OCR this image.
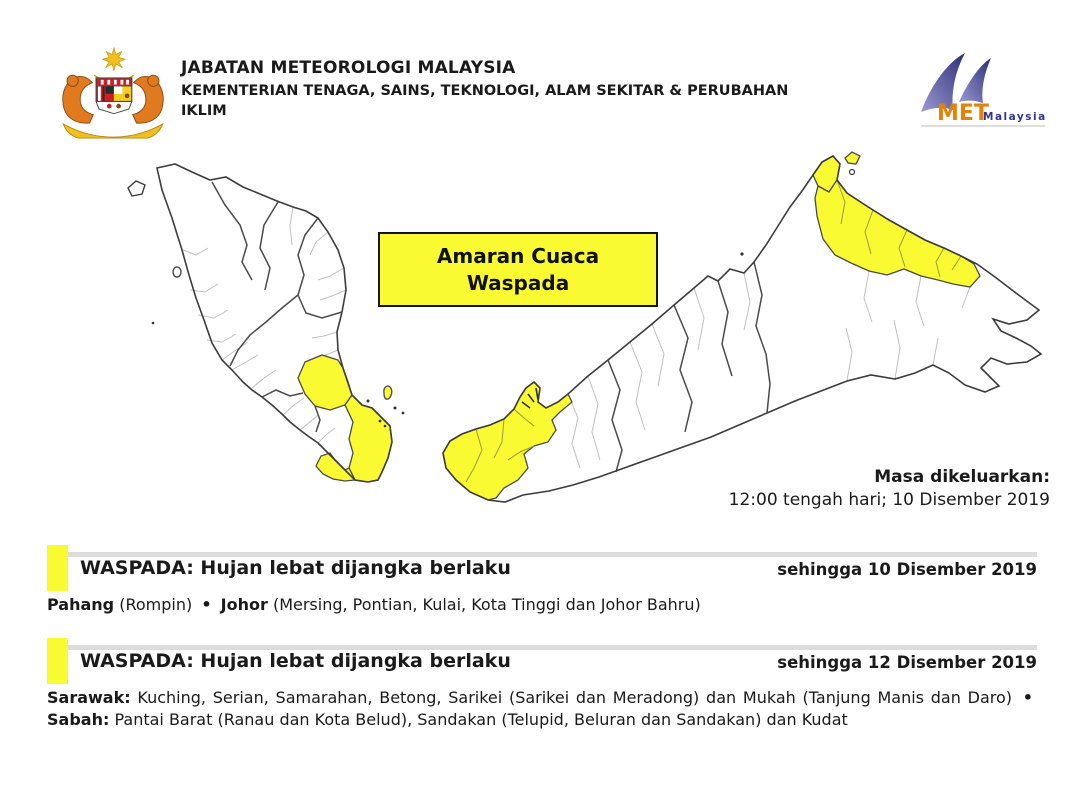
JABATAN METEOROLOGI MALAYSIA
KEMENTERIAN TENAGA, SAINS, TEKNOLOGI, ALAM SEKITAR & PERUBAHAN
IKLIM	MET
Malaysia
Amaran Cuaca
Waspada
Masa dikeluarkan:
12:00 tengah hari; 10 Disember 2019
WASPADA: Hujan lebat dijangka berlaku	sehingga 10 Disember 2019
Pahang (Rompin) • Johor (Mersing, Pontian, Kulai, Kota Tinggi dan Johor Bahru)
WASPADA: Hujan lebat dijangka berlaku	sehingga 12 Disember 2019
Sarawak: Kuching, Serian, Samarahan, Betong, Sarikei (Sarikei dan Meradong) dan Mukah (Tanjung Manis dan Daro) • Sabah: Pantai Barat (Ranau dan Kota Belud), Sandakan (Telupid, Beluran dan Sandakan) dan Kudat
